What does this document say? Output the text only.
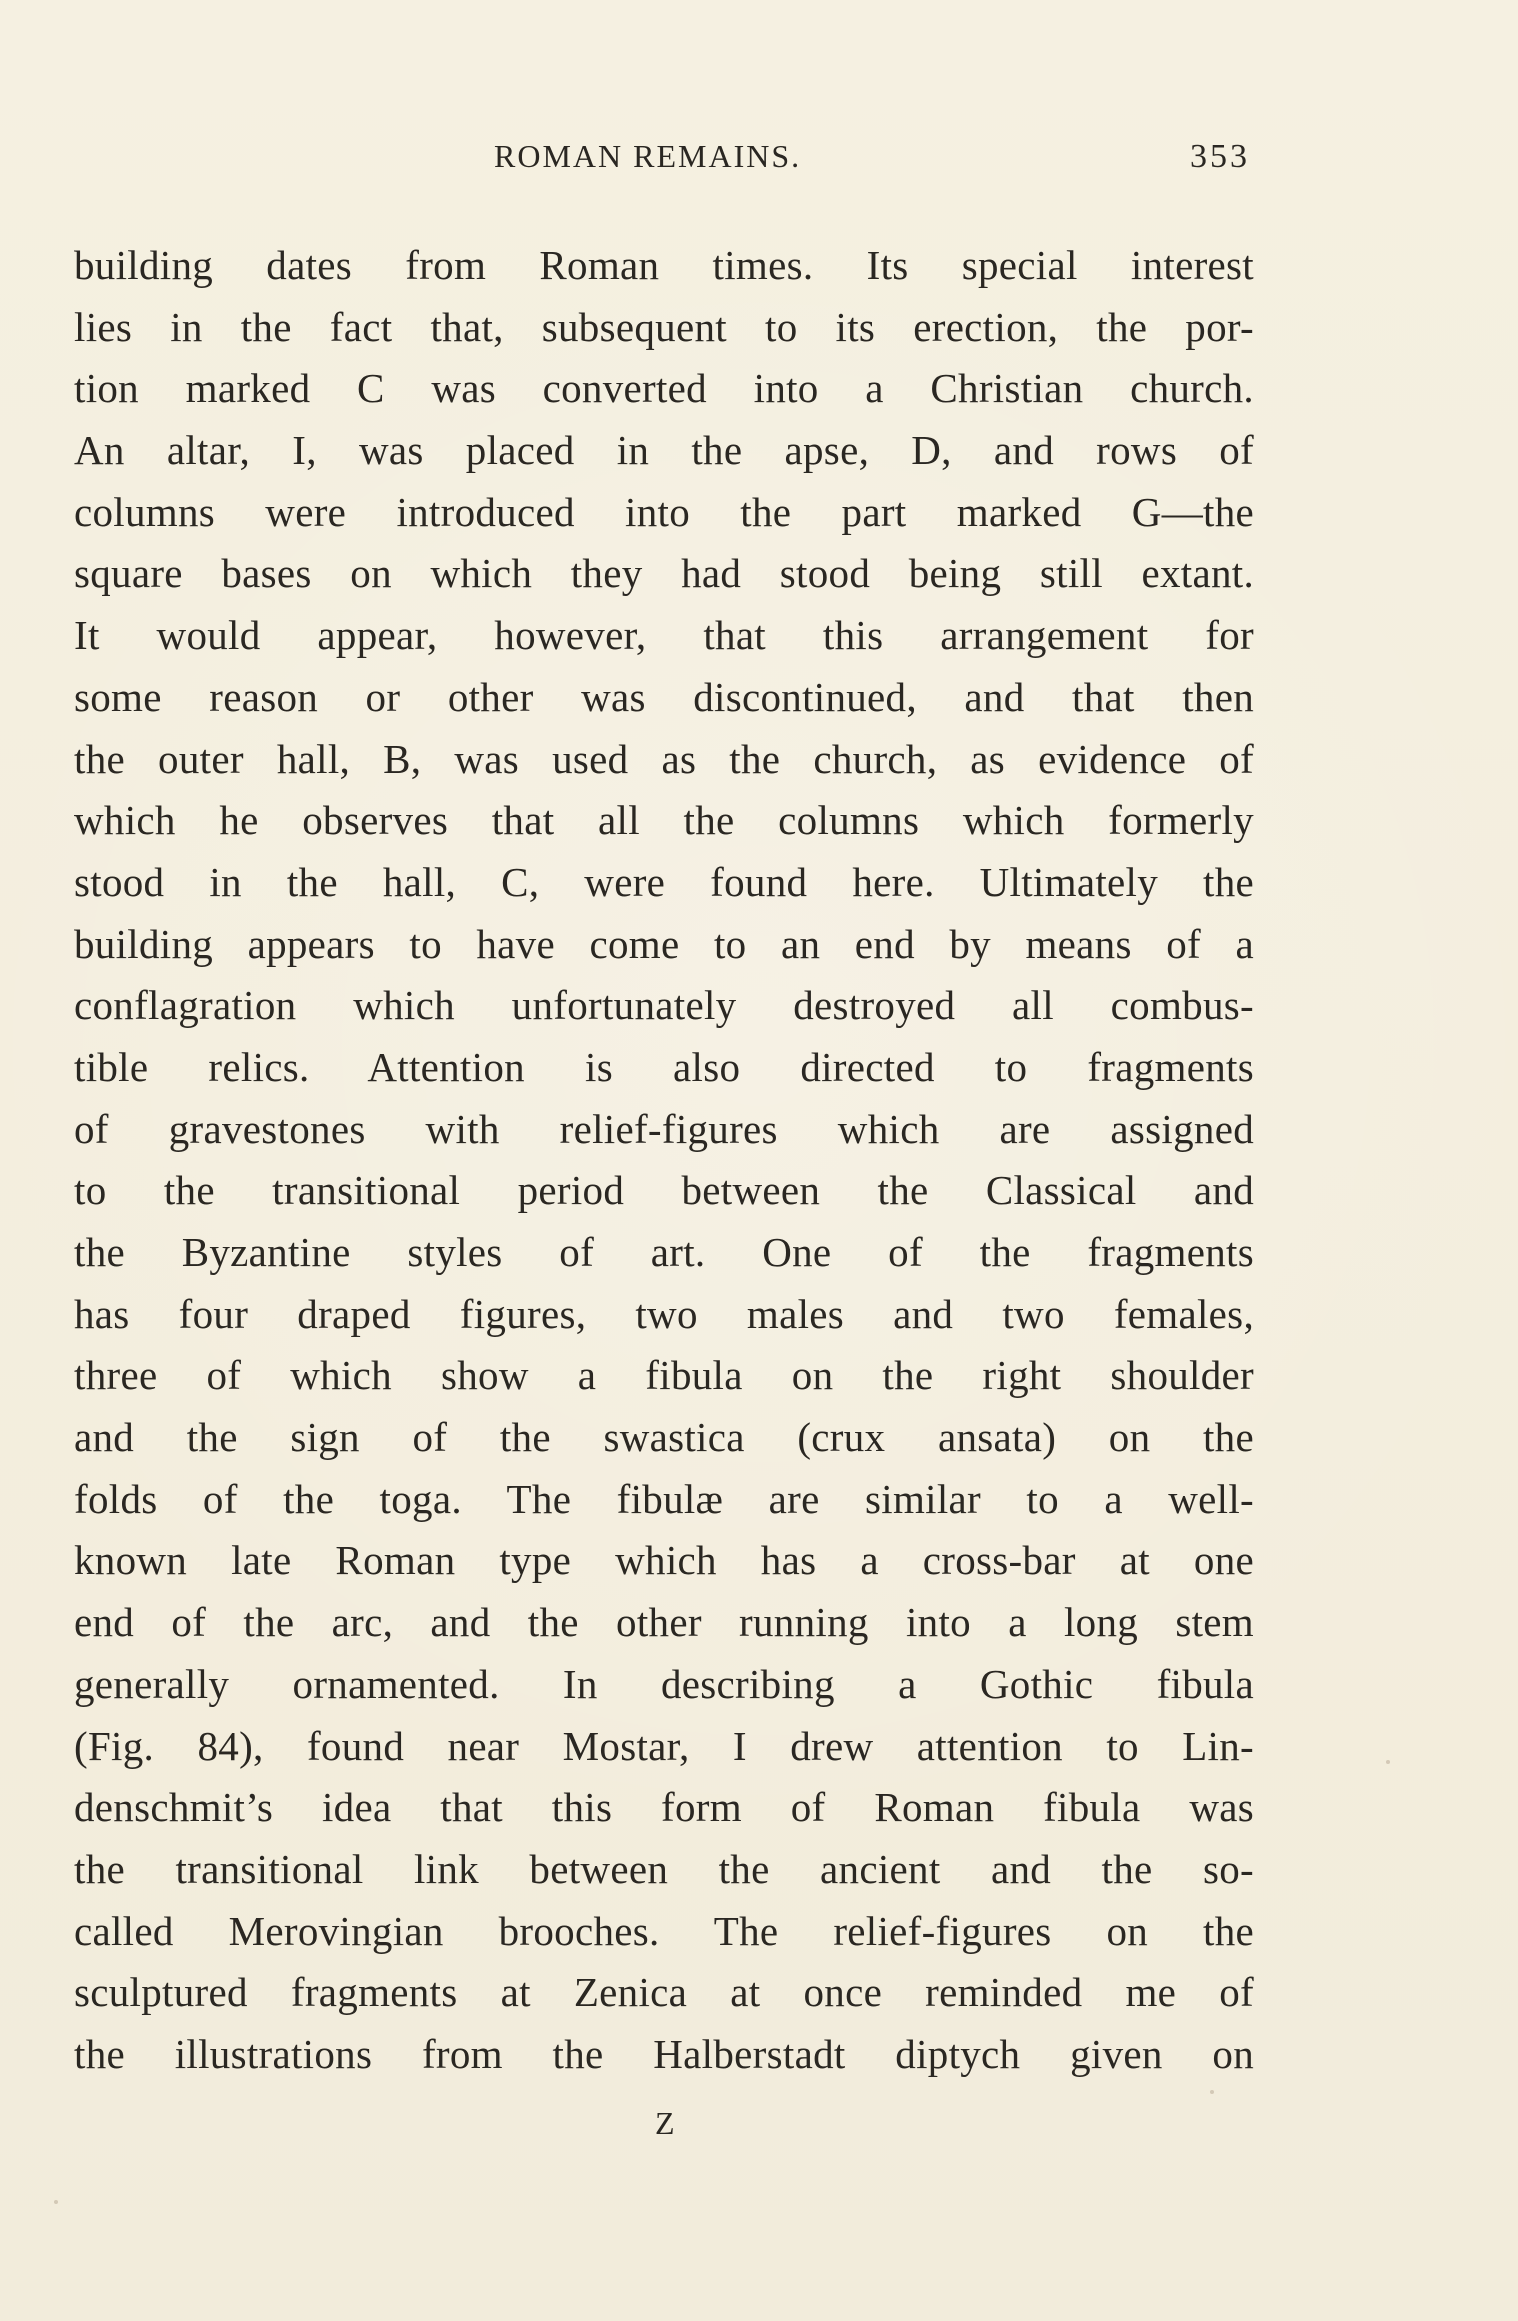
ROMAN REMAINS.	353
building dates from Roman times. Its special interest
lies in the fact that, subsequent to its erection, the por-
tion marked C was converted into a Christian church.
An altar, I, was placed in the apse, D, and rows of
columns were introduced into the part marked G—the
square bases on which they had stood being still extant.
It would appear, however, that this arrangement for
some reason or other was discontinued, and that then
the outer hall, B, was used as the church, as evidence of
which he observes that all the columns which formerly
stood in the hall, C, were found here. Ultimately the
building appears to have come to an end by means of a
conflagration which unfortunately destroyed all combus-
tible relics. Attention is also directed to fragments
of gravestones with relief-figures which are assigned
to the transitional period between the Classical and
the Byzantine styles of art. One of the fragments
has four draped figures, two males and two females,
three of which show a fibula on the right shoulder
and the sign of the swastica (crux ansata) on the
folds of the toga. The fibulæ are similar to a well-
known late Roman type which has a cross-bar at one
end of the arc, and the other running into a long stem
generally ornamented. In describing a Gothic fibula
(Fig. 84), found near Mostar, I drew attention to Lin-
denschmit’s idea that this form of Roman fibula was
the transitional link between the ancient and the so-
called Merovingian brooches. The relief-figures on the
sculptured fragments at Zenica at once reminded me of
the illustrations from the Halberstadt diptych given on
Z
